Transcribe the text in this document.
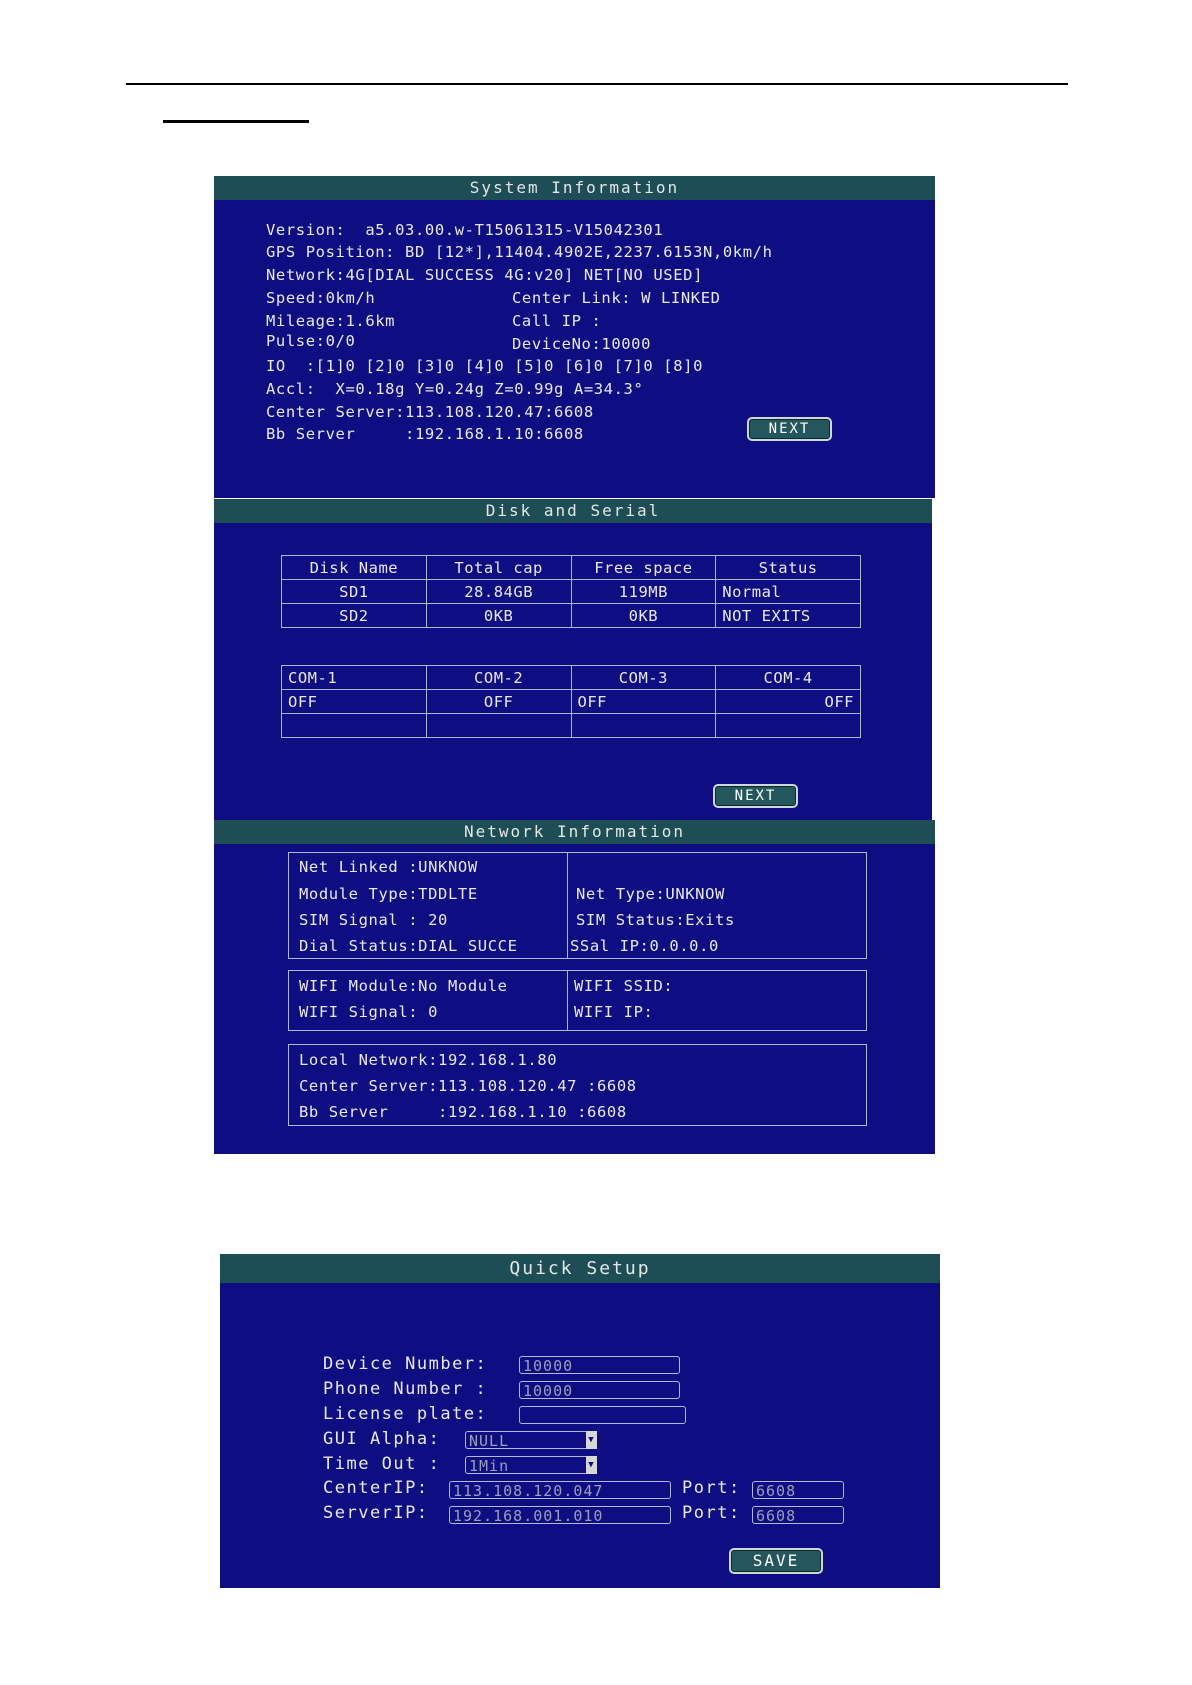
System Information
Version:  a5.03.00.w-T15061315-V15042301
GPS Position: BD [12*],11404.4902E,2237.6153N,0km/h
Network:4G[DIAL SUCCESS 4G:v20] NET[NO USED]
Speed:0km/h	Center Link: W LINKED
Mileage:1.6km	Call IP :
Pulse:0/0	DeviceNo:10000
IO  :[1]0 [2]0 [3]0 [4]0 [5]0 [6]0 [7]0 [8]0
Accl:  X=0.18g Y=0.24g Z=0.99g A=34.3°
Center Server:113.108.120.47:6608
Bb Server     :192.168.1.10:6608	NEXT
Disk and Serial
Disk Name	Total cap	Free space	Status
SD1	28.84GB	119MB	Normal
SD2	0KB	0KB	NOT EXITS
COM-1	COM-2	COM-3	COM-4
OFF	OFF	OFF	OFF

NEXT
Network Information
Net Linked :UNKNOW
Module Type:TDDLTE	Net Type:UNKNOW
SIM Signal : 20	SIM Status:Exits
Dial Status:DIAL SUCCE	SSal IP:0.0.0.0
WIFI Module:No Module	WIFI SSID:
WIFI Signal: 0	WIFI IP:
Local Network:192.168.1.80
Center Server:113.108.120.47 :6608
Bb Server     :192.168.1.10 :6608
Quick Setup
Device Number: 10000
Phone Number : 10000
License plate:
GUI Alpha: NULL	▼
Time Out : 1Min	▼
CenterIP: 113.108.120.047	Port: 6608
ServerIP: 192.168.001.010	Port: 6608
SAVE
